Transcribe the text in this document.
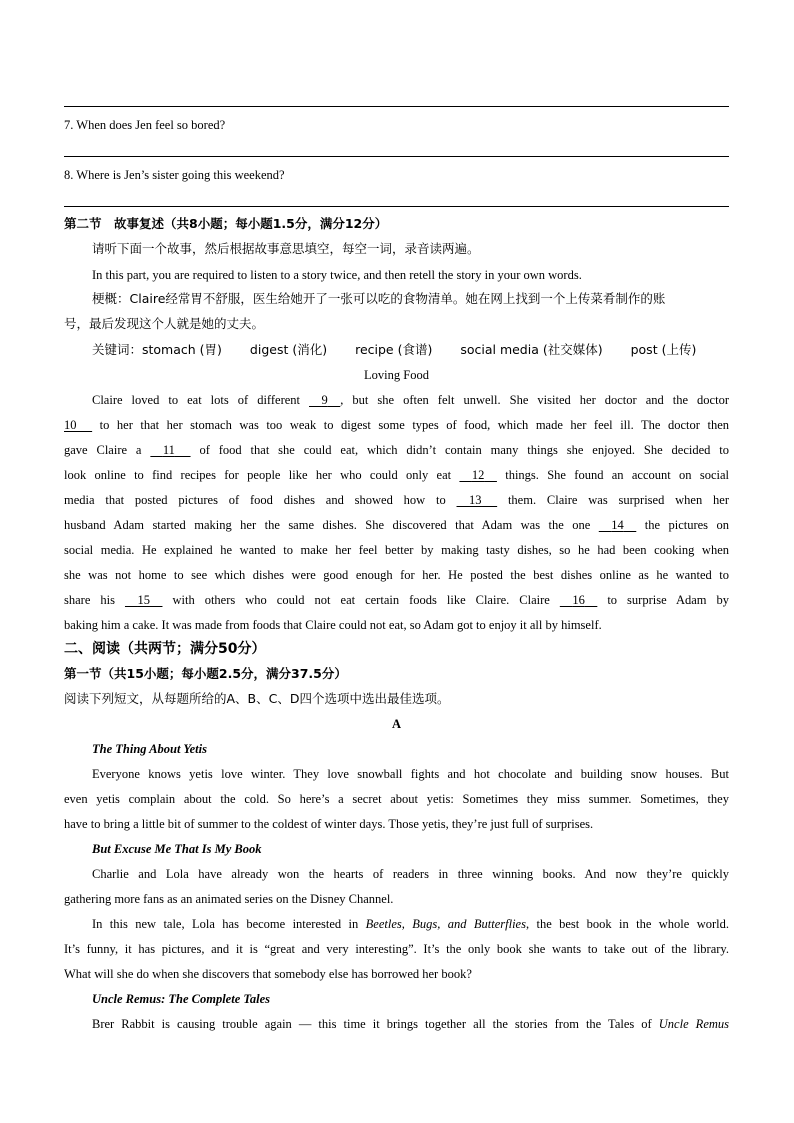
7. When does Jen feel so bored?
8. Where is Jen’s sister going this weekend?
第二节　故事复述（共8小题；每小题1.5分，满分12分）
请听下面一个故事，然后根据故事意思填空，每空一词，录音读两遍。
In this part, you are required to listen to a story twice, and then retell the story in your own words.
梗概：Claire经常胃不舒服，医生给她开了一张可以吃的食物清单。她在网上找到一个上传菜肴制作的账
号，最后发现这个人就是她的丈夫。
关键词：stomach (胃) digest (消化) recipe (食谱) social media (社交媒体) post (上传)
Loving Food
Claire loved to eat lots of different     9 , but she often felt unwell. She visited her doctor and the doctor
10      to her that her stomach was too weak to digest some types of food, which made her feel ill. The doctor then
gave Claire a     11      of food that she could eat, which didn’t contain many things she enjoyed. She decided to
look online to find recipes for people like her who could only eat     12     things. She found an account on social
media that posted pictures of food dishes and showed how to     13      them. Claire was surprised when her
husband Adam started making her the same dishes. She discovered that Adam was the one     14     the pictures on
social media. He explained he wanted to make her feel better by making tasty dishes, so he had been cooking when
she was not home to see which dishes were good enough for her. He posted the best dishes online as he wanted to
share his     15     with others who could not eat certain foods like Claire. Claire     16     to surprise Adam by
baking him a cake. It was made from foods that Claire could not eat, so Adam got to enjoy it all by himself.
二、阅读（共两节；满分50分）
第一节（共15小题；每小题2.5分，满分37.5分）
阅读下列短文，从每题所给的A、B、C、D四个选项中选出最佳选项。
A
The Thing About Yetis
Everyone knows yetis love winter. They love snowball fights and hot chocolate and building snow houses. But
even yetis complain about the cold. So here’s a secret about yetis: Sometimes they miss summer. Sometimes, they
have to bring a little bit of summer to the coldest of winter days. Those yetis, they’re just full of surprises.
But Excuse Me That Is My Book
Charlie and Lola have already won the hearts of readers in three winning books. And now they’re quickly
gathering more fans as an animated series on the Disney Channel.
In this new tale, Lola has become interested in Beetles, Bugs, and Butterflies, the best book in the whole world.
It’s funny, it has pictures, and it is “great and very interesting”. It’s the only book she wants to take out of the library.
What will she do when she discovers that somebody else has borrowed her book?
Uncle Remus: The Complete Tales
Brer Rabbit is causing trouble again — this time it brings together all the stories from the Tales of Uncle Remus
